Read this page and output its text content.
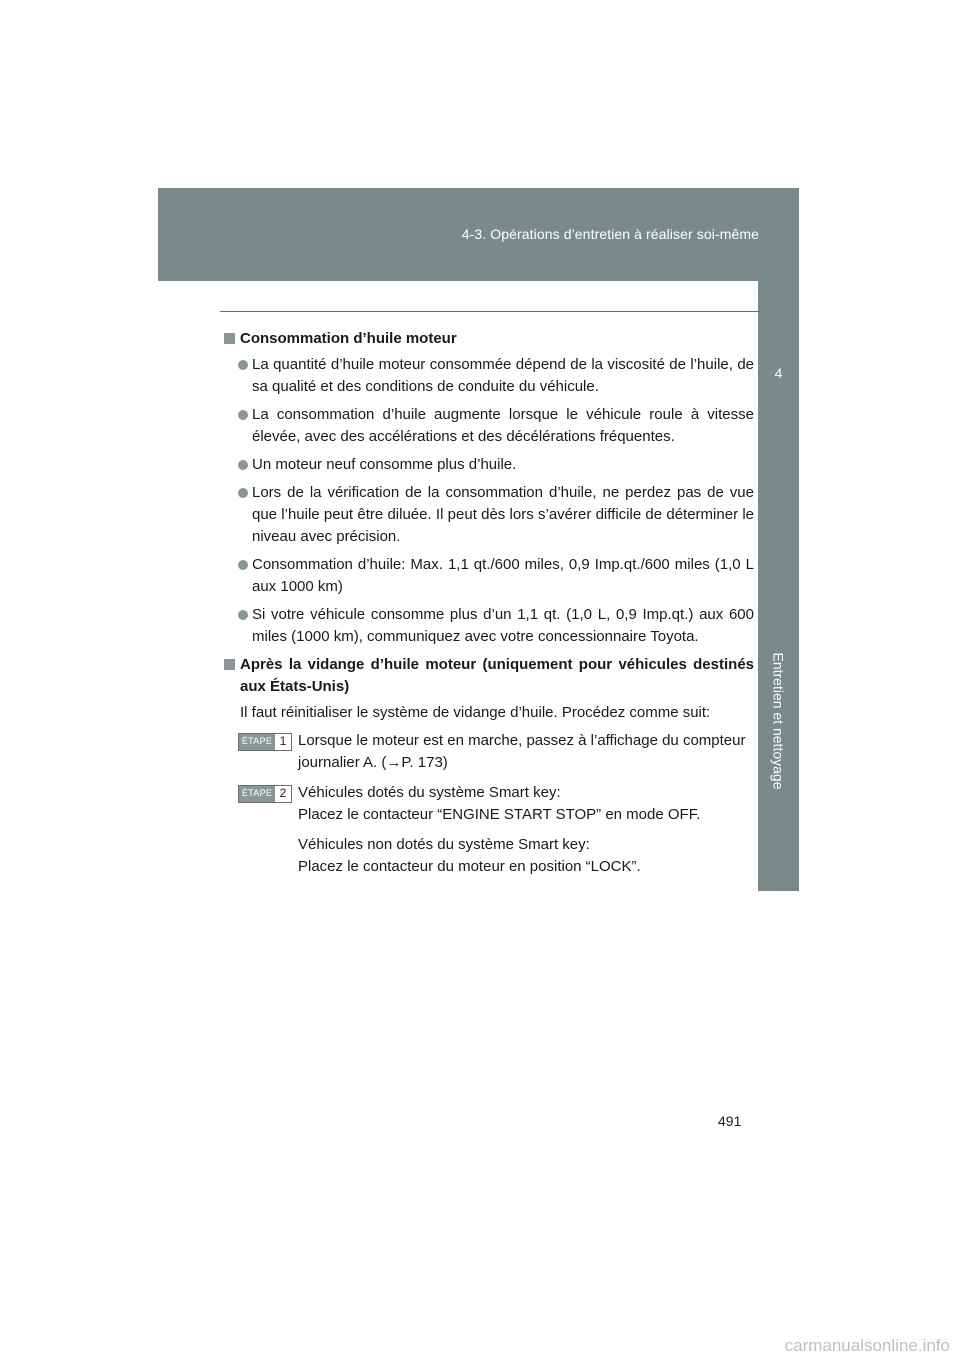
4-3. Opérations d’entretien à réaliser soi-même
4
Entretien et nettoyage
Consommation d’huile moteur
La quantité d’huile moteur consommée dépend de la viscosité de l’huile, de sa qualité et des conditions de conduite du véhicule.
La consommation d’huile augmente lorsque le véhicule roule à vitesse élevée, avec des accélérations et des décélérations fréquentes.
Un moteur neuf consomme plus d’huile.
Lors de la vérification de la consommation d’huile, ne perdez pas de vue que l’huile peut être diluée. Il peut dès lors s’avérer difficile de déterminer le niveau avec précision.
Consommation d’huile: Max. 1,1 qt./600 miles, 0,9 Imp.qt./600 miles (1,0 L aux 1000 km)
Si votre véhicule consomme plus d’un 1,1 qt. (1,0 L, 0,9 Imp.qt.) aux 600 miles (1000 km), communiquez avec votre concessionnaire Toyota.
Après la vidange d’huile moteur (uniquement pour véhicules destinés aux États-Unis)
Il faut réinitialiser le système de vidange d’huile. Procédez comme suit:
ÉTAPE 1 Lorsque le moteur est en marche, passez à l’affichage du compteur journalier A. (→P. 173)
ÉTAPE 2 Véhicules dotés du système Smart key:
Placez le contacteur “ENGINE START STOP” en mode OFF.
Véhicules non dotés du système Smart key:
Placez le contacteur du moteur en position “LOCK”.
491
carmanualsonline.info
